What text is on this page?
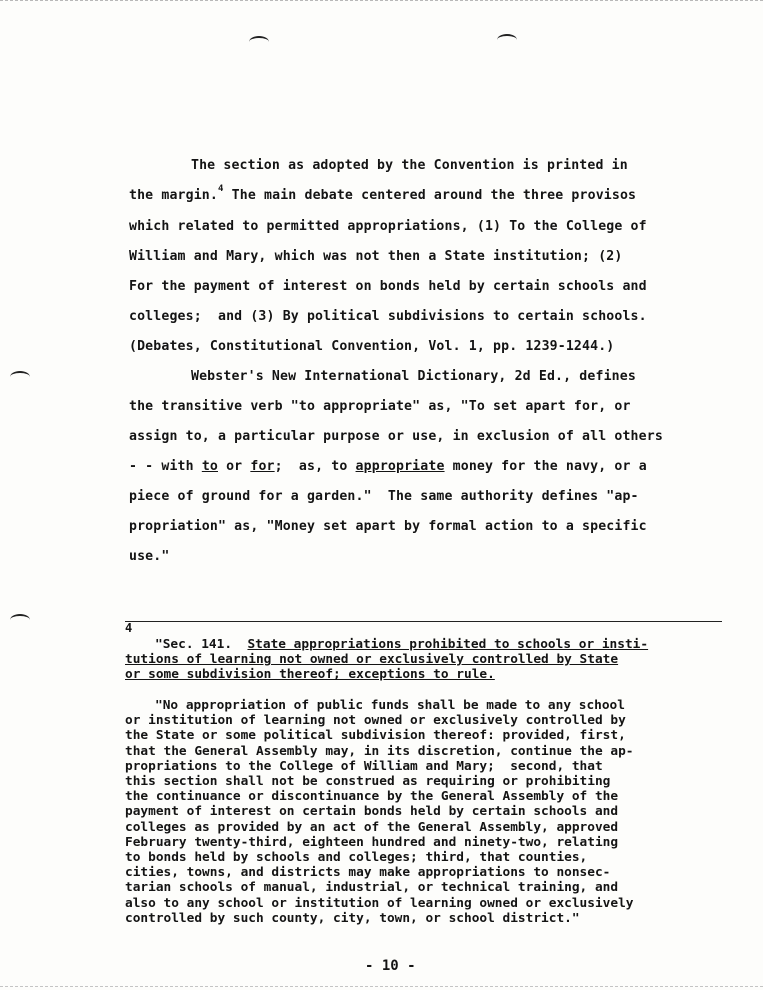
The section as adopted by the Convention is printed in
the margin.$^4$ The main debate centered around the three provisos
which related to permitted appropriations, (1) To the College of
William and Mary, which was not then a State institution; (2)
For the payment of interest on bonds held by certain schools and
colleges;  and (3) By political subdivisions to certain schools.
(Debates, Constitutional Convention, Vol. 1, pp. 1239-1244.)
Webster's New International Dictionary, 2d Ed., defines
the transitive verb "to appropriate" as, "To set apart for, or
assign to, a particular purpose or use, in exclusion of all others
- - with to or for;  as, to appropriate money for the navy, or a
piece of ground for a garden."  The same authority defines "ap-
propriation" as, "Money set apart by formal action to a specific
use."
4
"Sec. 141.  State appropriations prohibited to schools or insti-
tutions of learning not owned or exclusively controlled by State
or some subdivision thereof; exceptions to rule.
"No appropriation of public funds shall be made to any school
or institution of learning not owned or exclusively controlled by
the State or some political subdivision thereof: provided, first,
that the General Assembly may, in its discretion, continue the ap-
propriations to the College of William and Mary;  second, that
this section shall not be construed as requiring or prohibiting
the continuance or discontinuance by the General Assembly of the
payment of interest on certain bonds held by certain schools and
colleges as provided by an act of the General Assembly, approved
February twenty-third, eighteen hundred and ninety-two, relating
to bonds held by schools and colleges; third, that counties,
cities, towns, and districts may make appropriations to nonsec-
tarian schools of manual, industrial, or technical training, and
also to any school or institution of learning owned or exclusively
controlled by such county, city, town, or school district."
- 10 -
